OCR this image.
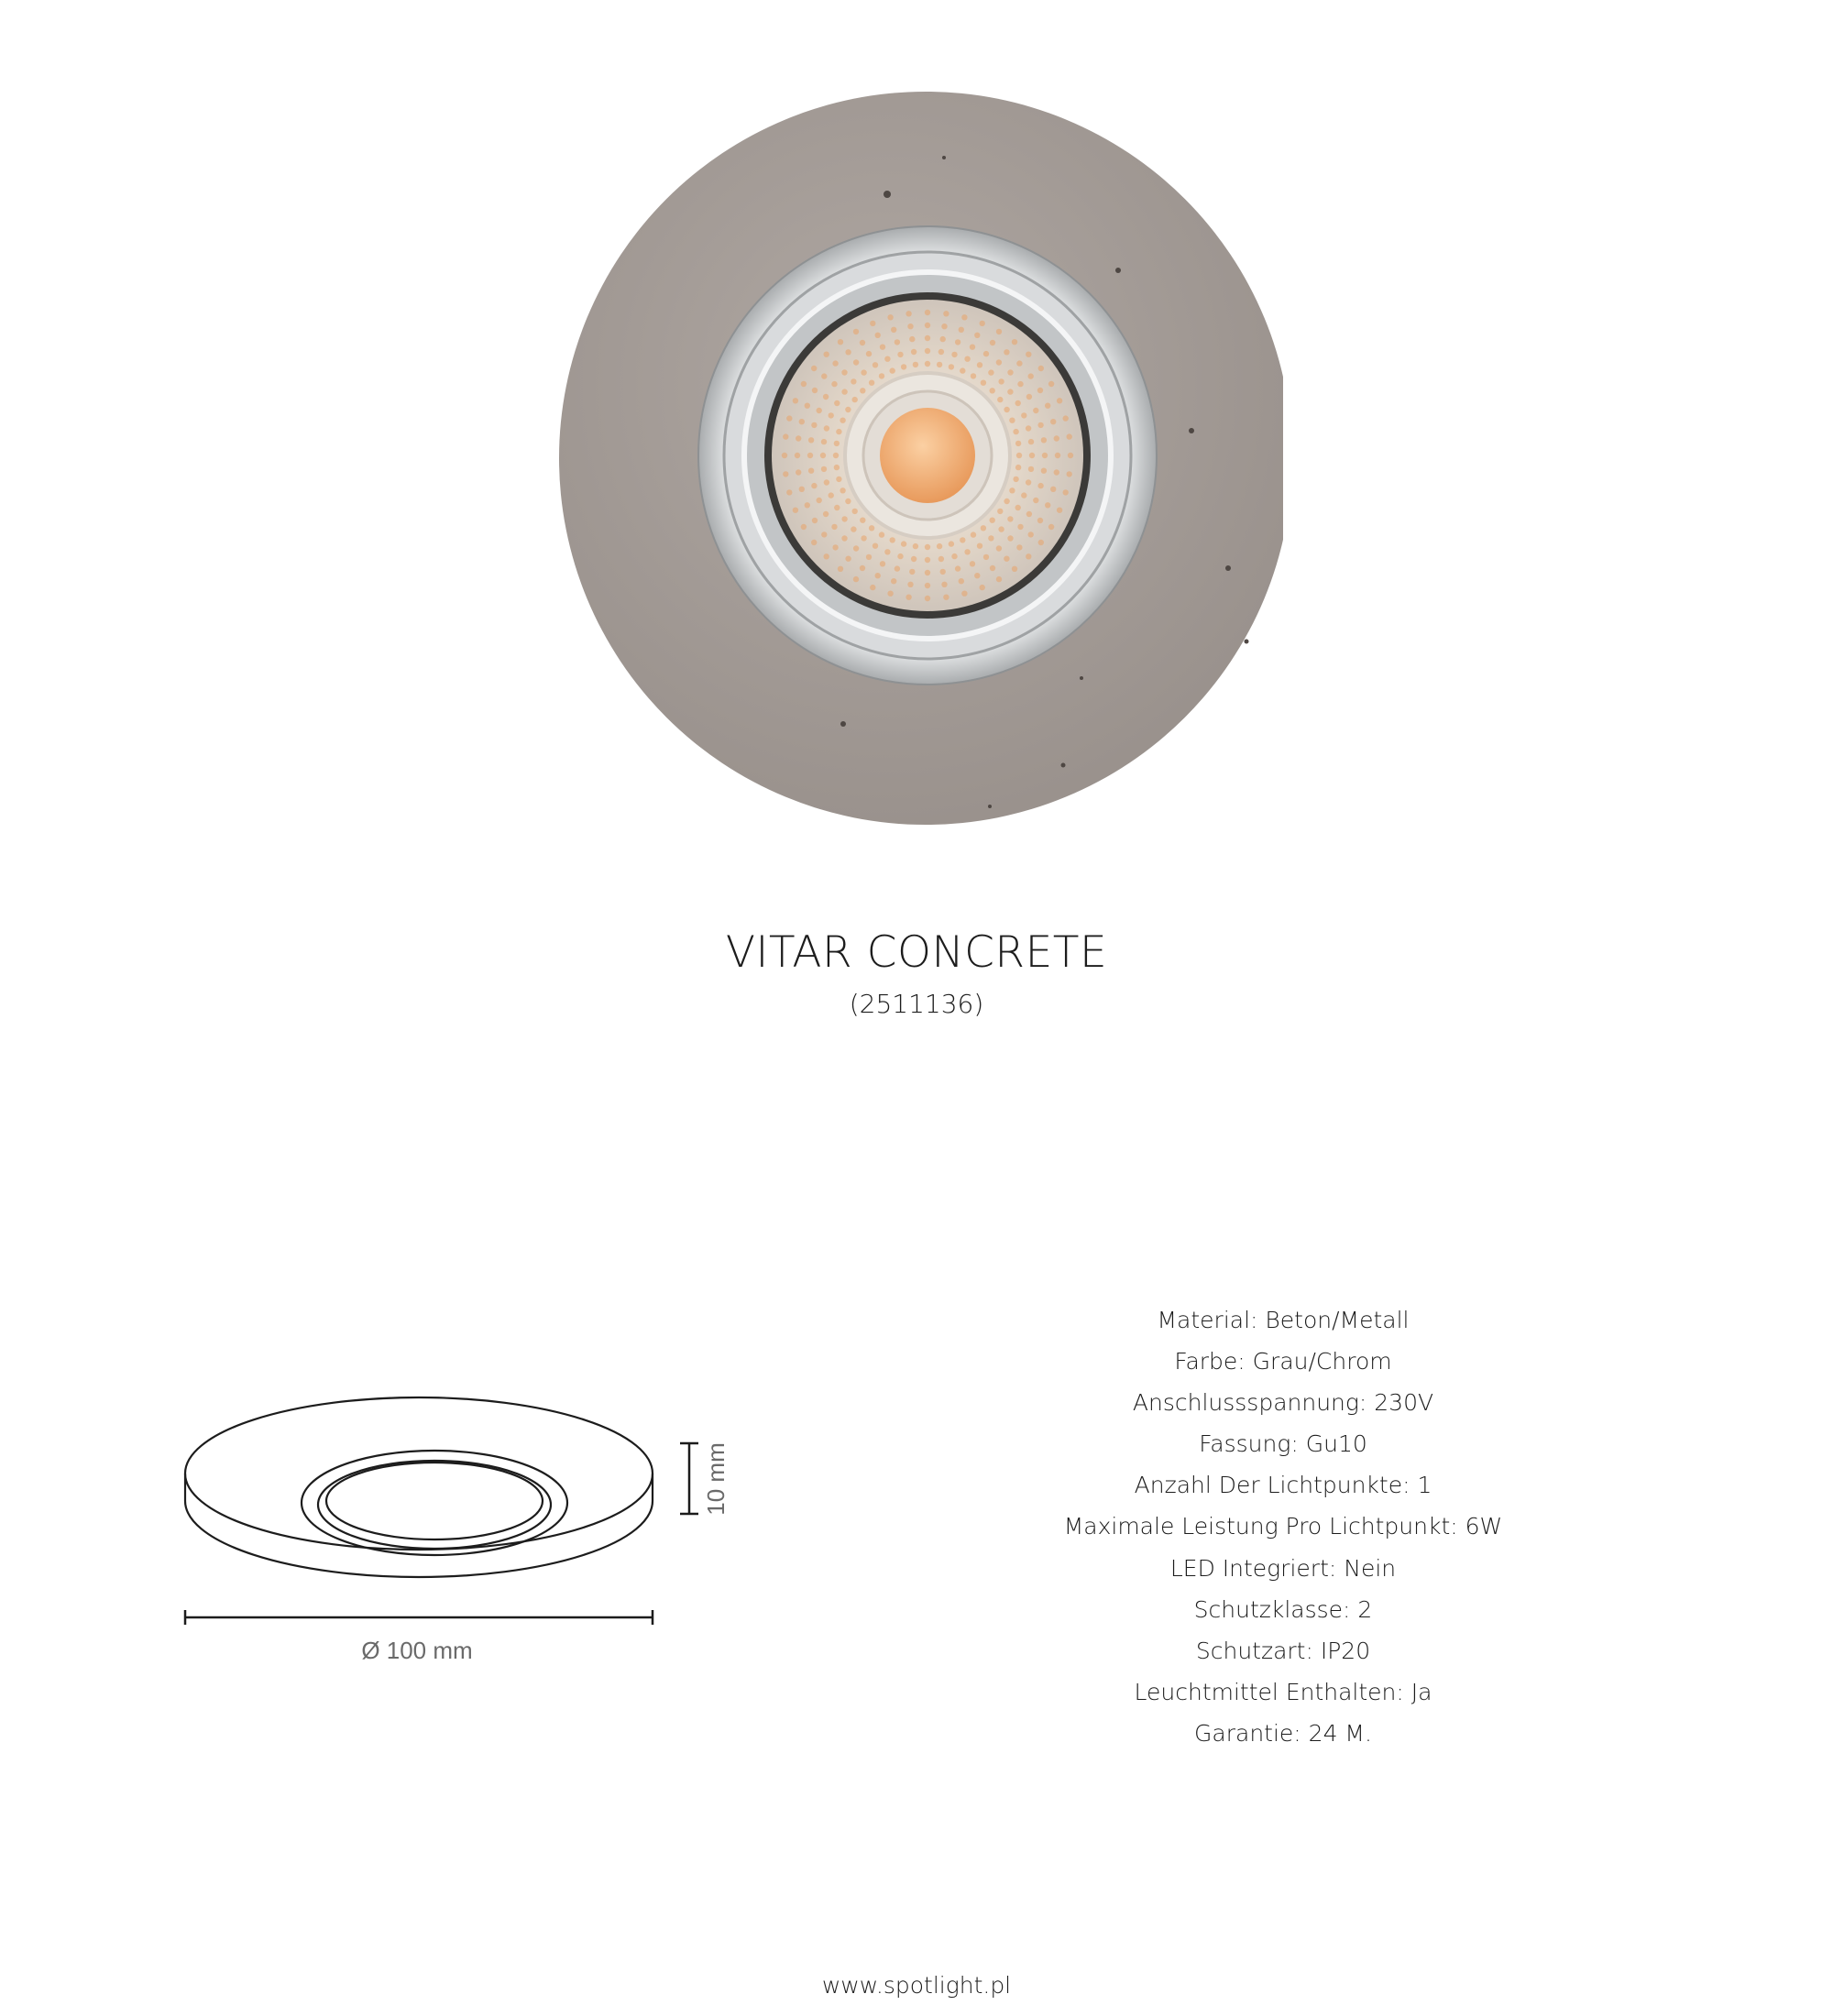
VITAR CONCRETE
(2511136)
10 mm
Ø 100 mm
Material: Beton/Metall
Farbe: Grau/Chrom
Anschlussspannung: 230V
Fassung: Gu10
Anzahl Der Lichtpunkte: 1
Maximale Leistung Pro Lichtpunkt: 6W
LED Integriert: Nein
Schutzklasse: 2
Schutzart: IP20
Leuchtmittel Enthalten: Ja
Garantie: 24 M.
www.spotlight.pl
